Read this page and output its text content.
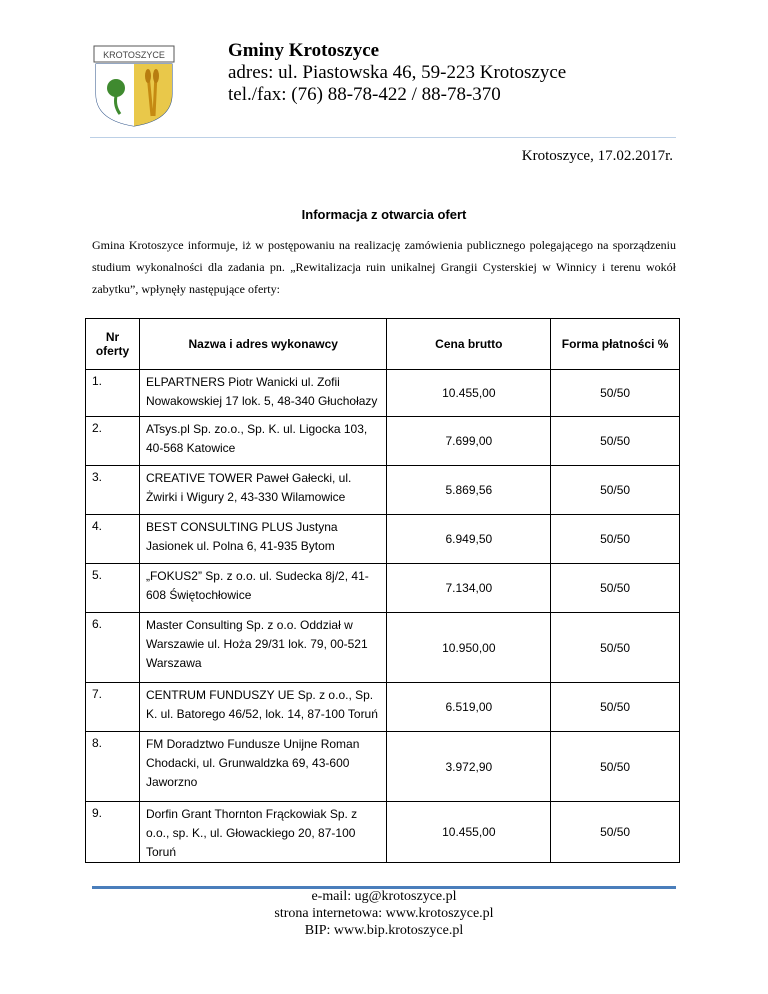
KROTOSZYCE	Gminy Krotoszyce
adres: ul. Piastowska 46, 59-223 Krotoszyce
tel./fax: (76) 88-78-422 / 88-78-370
Krotoszyce, 17.02.2017r.
Informacja z otwarcia ofert
Gmina Krotoszyce informuje, iż w postępowaniu na realizację zamówienia publicznego polegającego na sporządzeniu studium wykonalności dla zadania pn. „Rewitalizacja ruin unikalnej Grangii Cysterskiej w Winnicy i terenu wokół zabytku”, wpłynęły następujące oferty:
Nr oferty	Nazwa i adres wykonawcy	Cena brutto	Forma płatności %
1.	ELPARTNERS Piotr Wanicki ul. Zofii Nowakowskiej 17 lok. 5, 48-340 Głuchołazy	10.455,00	50/50
2.	ATsys.pl Sp. zo.o., Sp. K. ul. Ligocka 103, 40-568 Katowice	7.699,00	50/50
3.	CREATIVE TOWER Paweł Gałecki, ul. Żwirki i Wigury 2, 43-330 Wilamowice	5.869,56	50/50
4.	BEST CONSULTING PLUS Justyna Jasionek ul. Polna 6, 41-935 Bytom	6.949,50	50/50
5.	„FOKUS2” Sp. z o.o. ul. Sudecka 8j/2, 41-608 Świętochłowice	7.134,00	50/50
6.	Master Consulting Sp. z o.o. Oddział w Warszawie ul. Hoża 29/31 lok. 79, 00-521 Warszawa	10.950,00	50/50
7.	CENTRUM FUNDUSZY UE Sp. z o.o., Sp. K. ul. Batorego 46/52, lok. 14, 87-100 Toruń	6.519,00	50/50
8.	FM Doradztwo Fundusze Unijne Roman Chodacki, ul. Grunwaldzka 69, 43-600 Jaworzno	3.972,90	50/50
9.	Dorfin Grant Thornton Frąckowiak Sp. z o.o., sp. K., ul. Głowackiego 20, 87-100 Toruń	10.455,00	50/50
e-mail: ug@krotoszyce.pl
strona internetowa: www.krotoszyce.pl
BIP: www.bip.krotoszyce.pl
